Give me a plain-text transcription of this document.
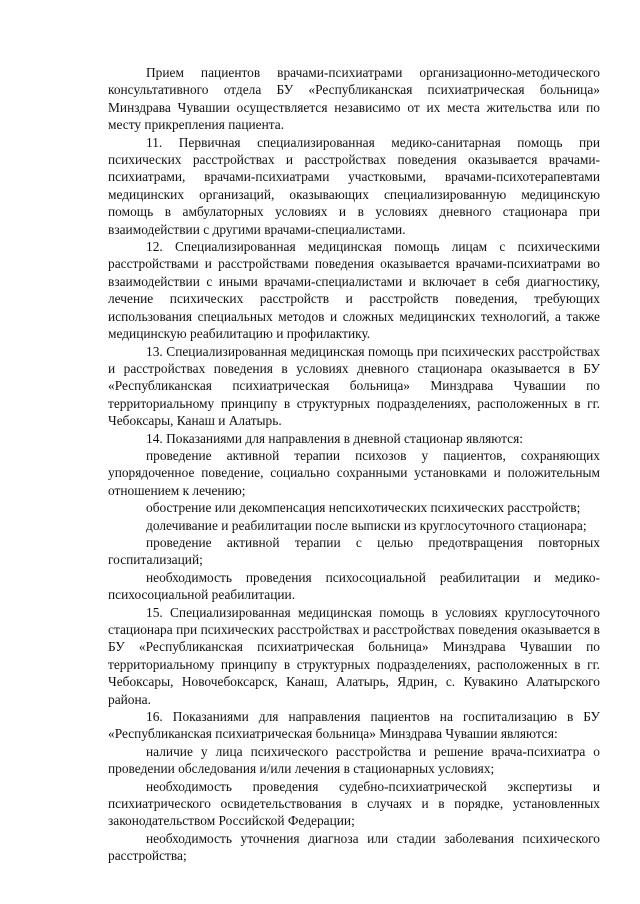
Прием пациентов врачами-психиатрами организационно-методического консультативного отдела БУ «Республиканская психиатрическая больница» Минздрава Чувашии осуществляется независимо от их места жительства или по месту прикрепления пациента.

11. Первичная специализированная медико-санитарная помощь при психических расстройствах и расстройствах поведения оказывается врачами-психиатрами, врачами-психиатрами участковыми, врачами-психотерапевтами медицинских организаций, оказывающих специализированную медицинскую помощь в амбулаторных условиях и в условиях дневного стационара при взаимодействии с другими врачами-специалистами.

12. Специализированная медицинская помощь лицам с психическими расстройствами и расстройствами поведения оказывается врачами-психиатрами во взаимодействии с иными врачами-специалистами и включает в себя диагностику, лечение психических расстройств и расстройств поведения, требующих использования специальных методов и сложных медицинских технологий, а также медицинскую реабилитацию и профилактику.

13. Специализированная медицинская помощь при психических расстройствах и расстройствах поведения в условиях дневного стационара оказывается в БУ «Республиканская психиатрическая больница» Минздрава Чувашии по территориальному принципу в структурных подразделениях, расположенных в гг. Чебоксары, Канаш и Алатырь.

14. Показаниями для направления в дневной стационар являются:

проведение активной терапии психозов у пациентов, сохраняющих упорядоченное поведение, социально сохранными установками и положительным отношением к лечению;

обострение или декомпенсация непсихотических психических расстройств;

долечивание и реабилитации после выписки из круглосуточного стационара;

проведение активной терапии с целью предотвращения повторных госпитализаций;

необходимость проведения психосоциальной реабилитации и медико-психосоциальной реабилитации.

15. Специализированная медицинская помощь в условиях круглосуточного стационара при психических расстройствах и расстройствах поведения оказывается в БУ «Республиканская психиатрическая больница» Минздрава Чувашии по территориальному принципу в структурных подразделениях, расположенных в гг. Чебоксары, Новочебоксарск, Канаш, Алатырь, Ядрин, с. Кувакино Алатырского района.

16. Показаниями для направления пациентов на госпитализацию в БУ «Республиканская психиатрическая больница» Минздрава Чувашии являются:

наличие у лица психического расстройства и решение врача-психиатра о проведении обследования и/или лечения в стационарных условиях;

необходимость проведения судебно-психиатрической экспертизы и психиатрического освидетельствования в случаях и в порядке, установленных законодательством Российской Федерации;

необходимость уточнения диагноза или стадии заболевания психического расстройства;
